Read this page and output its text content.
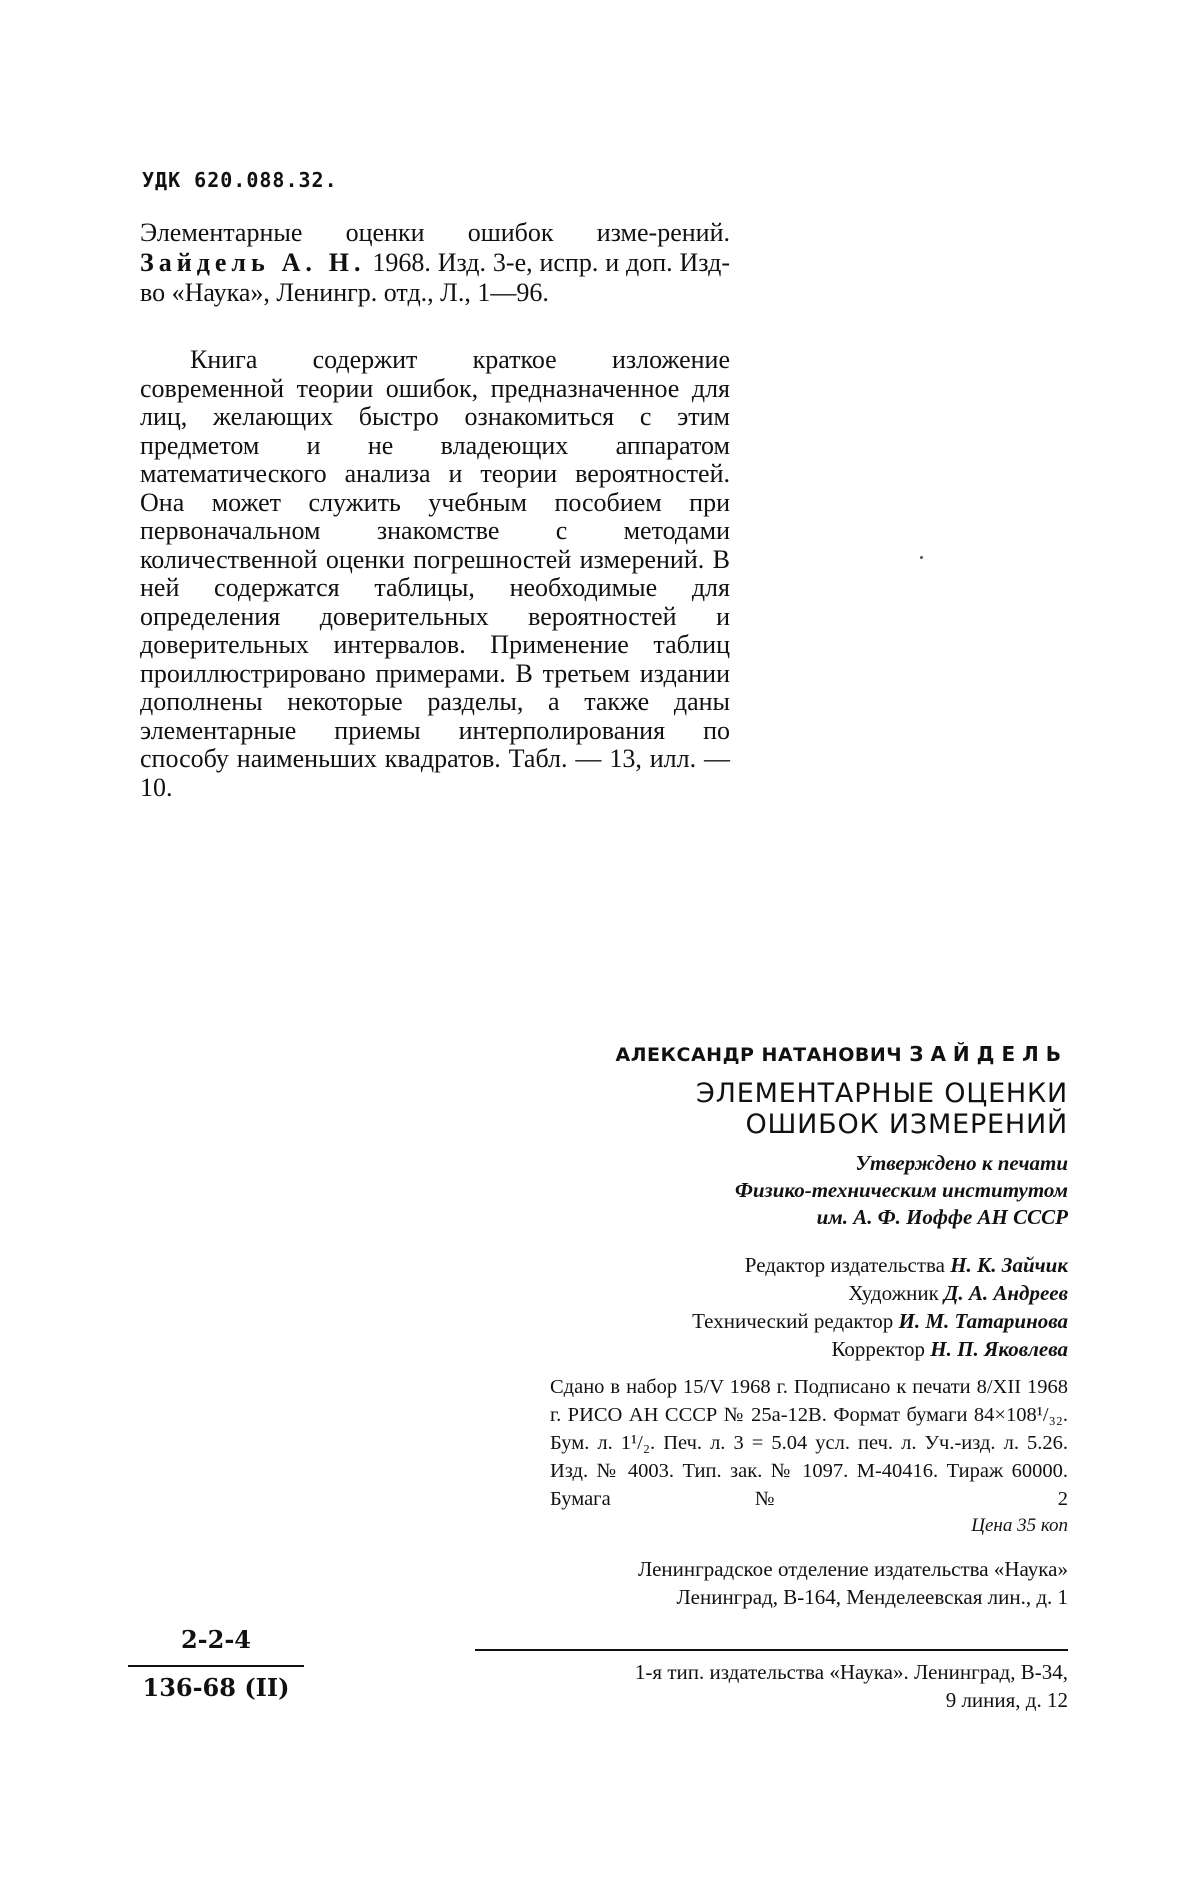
УДК 620.088.32.
Элементарные оценки ошибок изме-рений. Зайдель А. Н. 1968. Изд. 3-е, испр. и доп. Изд-во «Наука», Ленингр. отд., Л., 1—96.

Книга содержит краткое изложение современной теории ошибок, предназначенное для лиц, желающих быстро ознакомиться с этим предметом и не владеющих аппаратом математического анализа и теории вероятностей. Она может служить учебным пособием при первоначальном знакомстве с методами количественной оценки погрешностей измерений. В ней содержатся таблицы, необходимые для определения доверительных вероятностей и доверительных интервалов. Применение таблиц проиллюстрировано примерами. В третьем издании дополнены некоторые разделы, а также даны элементарные приемы интерполирования по способу наименьших квадратов. Табл. — 13, илл. — 10.

АЛЕКСАНДР НАТАНОВИЧ ЗАЙДЕЛЬ
ЭЛЕМЕНТАРНЫЕ ОЦЕНКИ
ОШИБОК ИЗМЕРЕНИЙ
Утверждено к печати
Физико-техническим институтом
им. А. Ф. Иоффе АН СССР
Редактор издательства Н. К. Зайчик
Художник Д. А. Андреев
Технический редактор И. М. Татаринова
Корректор Н. П. Яковлева
Сдано в набор 15/V 1968 г. Подписано к печати 8/XII 1968 г. РИСО АН СССР № 25а-12В. Формат бумаги 84×108¹/₃₂. Бум. л. 1¹/₂. Печ. л. 3 = 5.04 усл. печ. л. Уч.-изд. л. 5.26. Изд. № 4003. Тип. зак. № 1097. М-40416. Тираж 60000. Бумага № 2
Цена 35 коп
Ленинградское отделение издательства «Наука»
Ленинград, В-164, Менделеевская лин., д. 1
1-я тип. издательства «Наука». Ленинград, В-34,
9 линия, д. 12
2-2-4
136-68 (II)
